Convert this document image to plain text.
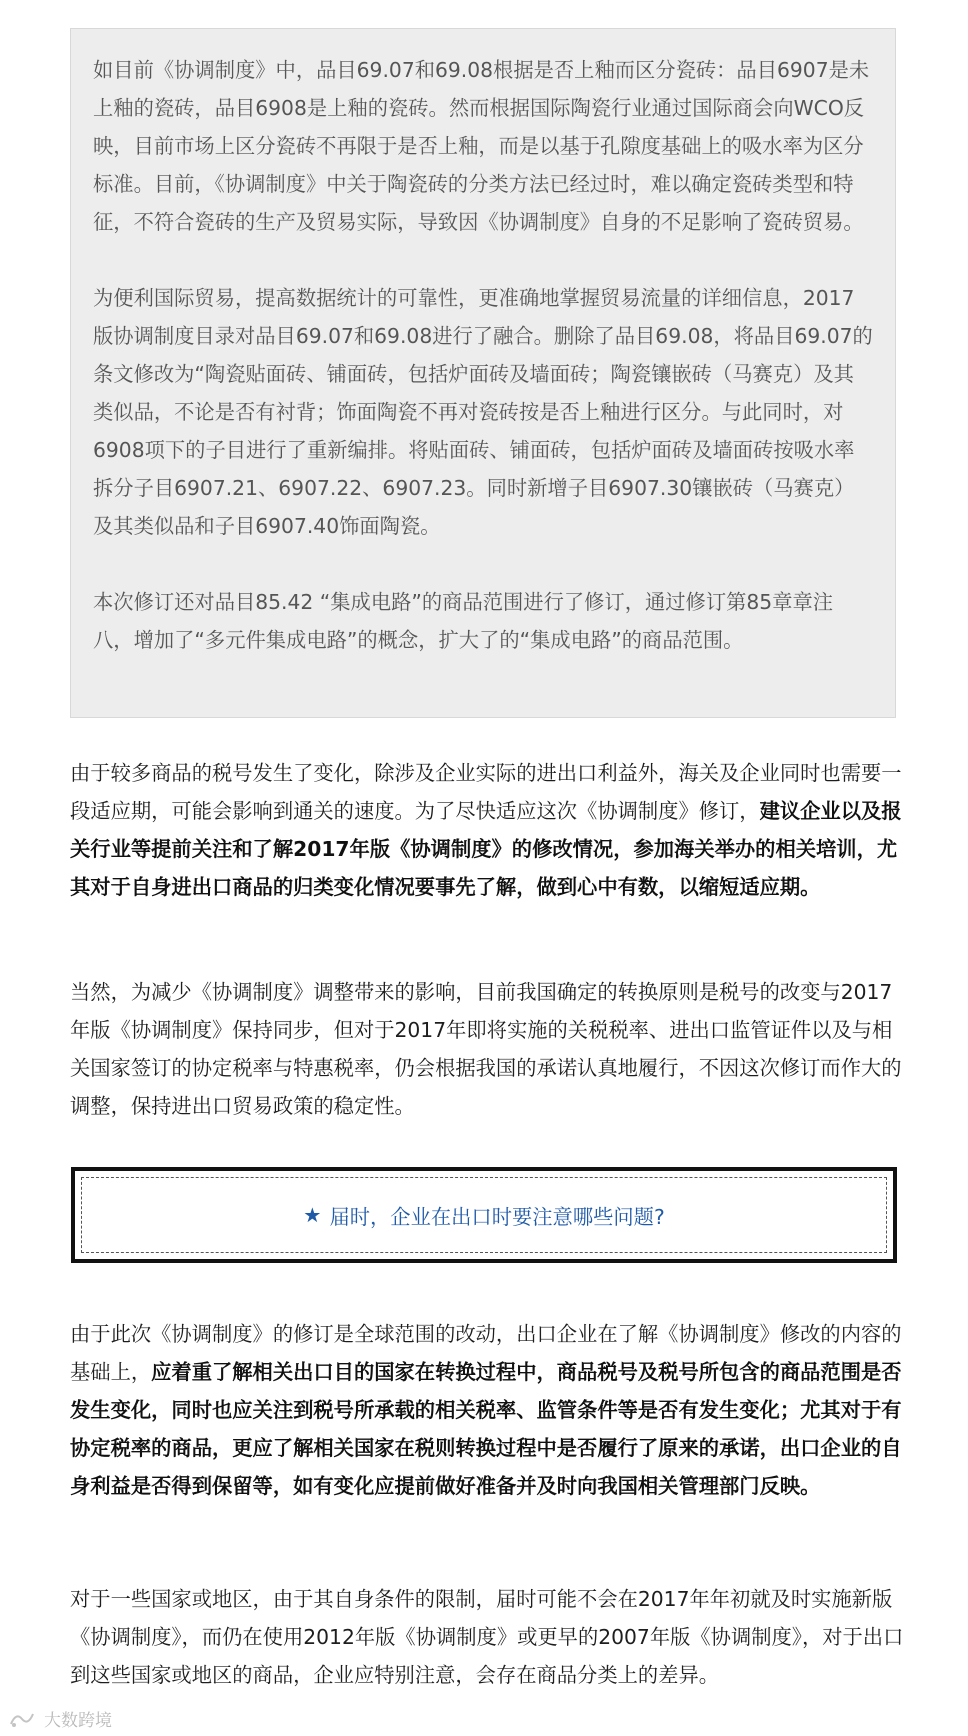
如目前《协调制度》中，品目69.07和69.08根据是否上釉而区分瓷砖：品目6907是未上釉的瓷砖，品目6908是上釉的瓷砖。然而根据国际陶瓷行业通过国际商会向WCO反映，目前市场上区分瓷砖不再限于是否上釉，而是以基于孔隙度基础上的吸水率为区分标准。目前，《协调制度》中关于陶瓷砖的分类方法已经过时，难以确定瓷砖类型和特征，不符合瓷砖的生产及贸易实际，导致因《协调制度》自身的不足影响了瓷砖贸易。

为便利国际贸易，提高数据统计的可靠性，更准确地掌握贸易流量的详细信息，2017版协调制度目录对品目69.07和69.08进行了融合。删除了品目69.08，将品目69.07的条文修改为“陶瓷贴面砖、铺面砖，包括炉面砖及墙面砖；陶瓷镶嵌砖（马赛克）及其类似品，不论是否有衬背；饰面陶瓷不再对瓷砖按是否上釉进行区分。与此同时，对6908项下的子目进行了重新编排。将贴面砖、铺面砖，包括炉面砖及墙面砖按吸水率拆分子目6907.21、6907.22、6907.23。同时新增子目6907.30镶嵌砖（马赛克）及其类似品和子目6907.40饰面陶瓷。

本次修订还对品目85.42 “集成电路”的商品范围进行了修订，通过修订第85章章注八，增加了“多元件集成电路”的概念，扩大了的“集成电路”的商品范围。

由于较多商品的税号发生了变化，除涉及企业实际的进出口利益外，海关及企业同时也需要一段适应期，可能会影响到通关的速度。为了尽快适应这次《协调制度》修订，建议企业以及报关行业等提前关注和了解2017年版《协调制度》的修改情况，参加海关举办的相关培训，尤其对于自身进出口商品的归类变化情况要事先了解，做到心中有数，以缩短适应期。

当然，为减少《协调制度》调整带来的影响，目前我国确定的转换原则是税号的改变与2017年版《协调制度》保持同步，但对于2017年即将实施的关税税率、进出口监管证件以及与相关国家签订的协定税率与特惠税率，仍会根据我国的承诺认真地履行，不因这次修订而作大的调整，保持进出口贸易政策的稳定性。

★ 届时，企业在出口时要注意哪些问题?

由于此次《协调制度》的修订是全球范围的改动，出口企业在了解《协调制度》修改的内容的基础上，应着重了解相关出口目的国家在转换过程中，商品税号及税号所包含的商品范围是否发生变化，同时也应关注到税号所承载的相关税率、监管条件等是否有发生变化；尤其对于有协定税率的商品，更应了解相关国家在税则转换过程中是否履行了原来的承诺，出口企业的自身利益是否得到保留等，如有变化应提前做好准备并及时向我国相关管理部门反映。

对于一些国家或地区，由于其自身条件的限制，届时可能不会在2017年年初就及时实施新版《协调制度》，而仍在使用2012年版《协调制度》或更早的2007年版《协调制度》，对于出口到这些国家或地区的商品，企业应特别注意，会存在商品分类上的差异。

大数跨境
